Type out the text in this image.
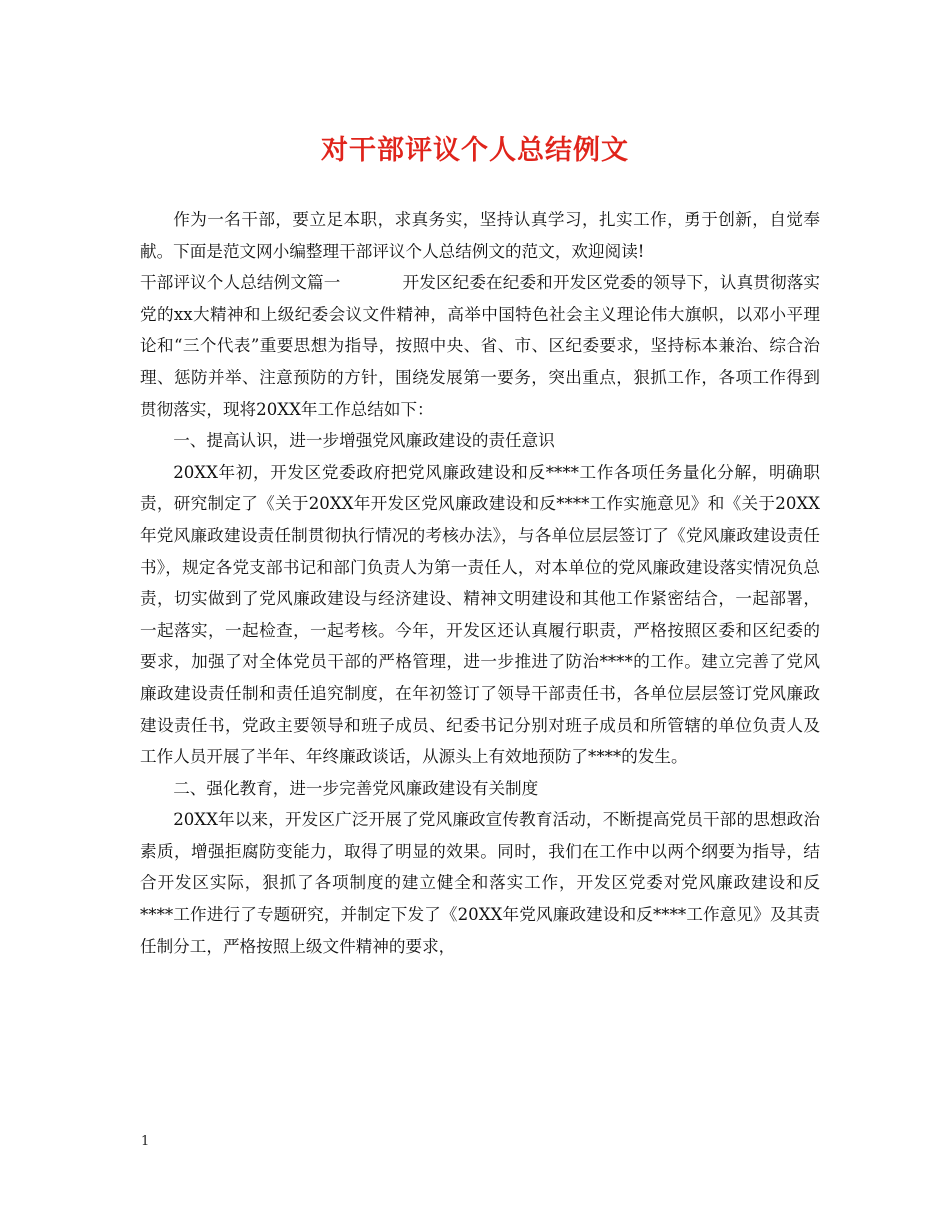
对干部评议个人总结例文

作为一名干部，要立足本职，求真务实，坚持认真学习，扎实工作，勇于创新，自觉奉献。下面是范文网小编整理干部评议个人总结例文的范文，欢迎阅读!

干部评议个人总结例文篇一	开发区纪委在纪委和开发区党委的领导下，认真贯彻落实党的xx大精神和上级纪委会议文件精神，高举中国特色社会主义理论伟大旗帜，以邓小平理论和“三个代表”重要思想为指导，按照中央、省、市、区纪委要求，坚持标本兼治、综合治理、惩防并举、注意预防的方针，围绕发展第一要务，突出重点，狠抓工作，各项工作得到贯彻落实，现将20XX年工作总结如下：

一、提高认识，进一步增强党风廉政建设的责任意识

20XX年初，开发区党委政府把党风廉政建设和反****工作各项任务量化分解，明确职责，研究制定了《关于20XX年开发区党风廉政建设和反****工作实施意见》和《关于20XX年党风廉政建设责任制贯彻执行情况的考核办法》，与各单位层层签订了《党风廉政建设责任书》，规定各党支部书记和部门负责人为第一责任人，对本单位的党风廉政建设落实情况负总责，切实做到了党风廉政建设与经济建设、精神文明建设和其他工作紧密结合，一起部署，一起落实，一起检查，一起考核。今年，开发区还认真履行职责，严格按照区委和区纪委的要求，加强了对全体党员干部的严格管理，进一步推进了防治****的工作。建立完善了党风廉政建设责任制和责任追究制度，在年初签订了领导干部责任书，各单位层层签订党风廉政建设责任书，党政主要领导和班子成员、纪委书记分别对班子成员和所管辖的单位负责人及工作人员开展了半年、年终廉政谈话，从源头上有效地预防了****的发生。

二、强化教育，进一步完善党风廉政建设有关制度

20XX年以来，开发区广泛开展了党风廉政宣传教育活动，不断提高党员干部的思想政治素质，增强拒腐防变能力，取得了明显的效果。同时，我们在工作中以两个纲要为指导，结合开发区实际，狠抓了各项制度的建立健全和落实工作，开发区党委对党风廉政建设和反****工作进行了专题研究，并制定下发了《20XX年党风廉政建设和反****工作意见》及其责任制分工，严格按照上级文件精神的要求，

1
